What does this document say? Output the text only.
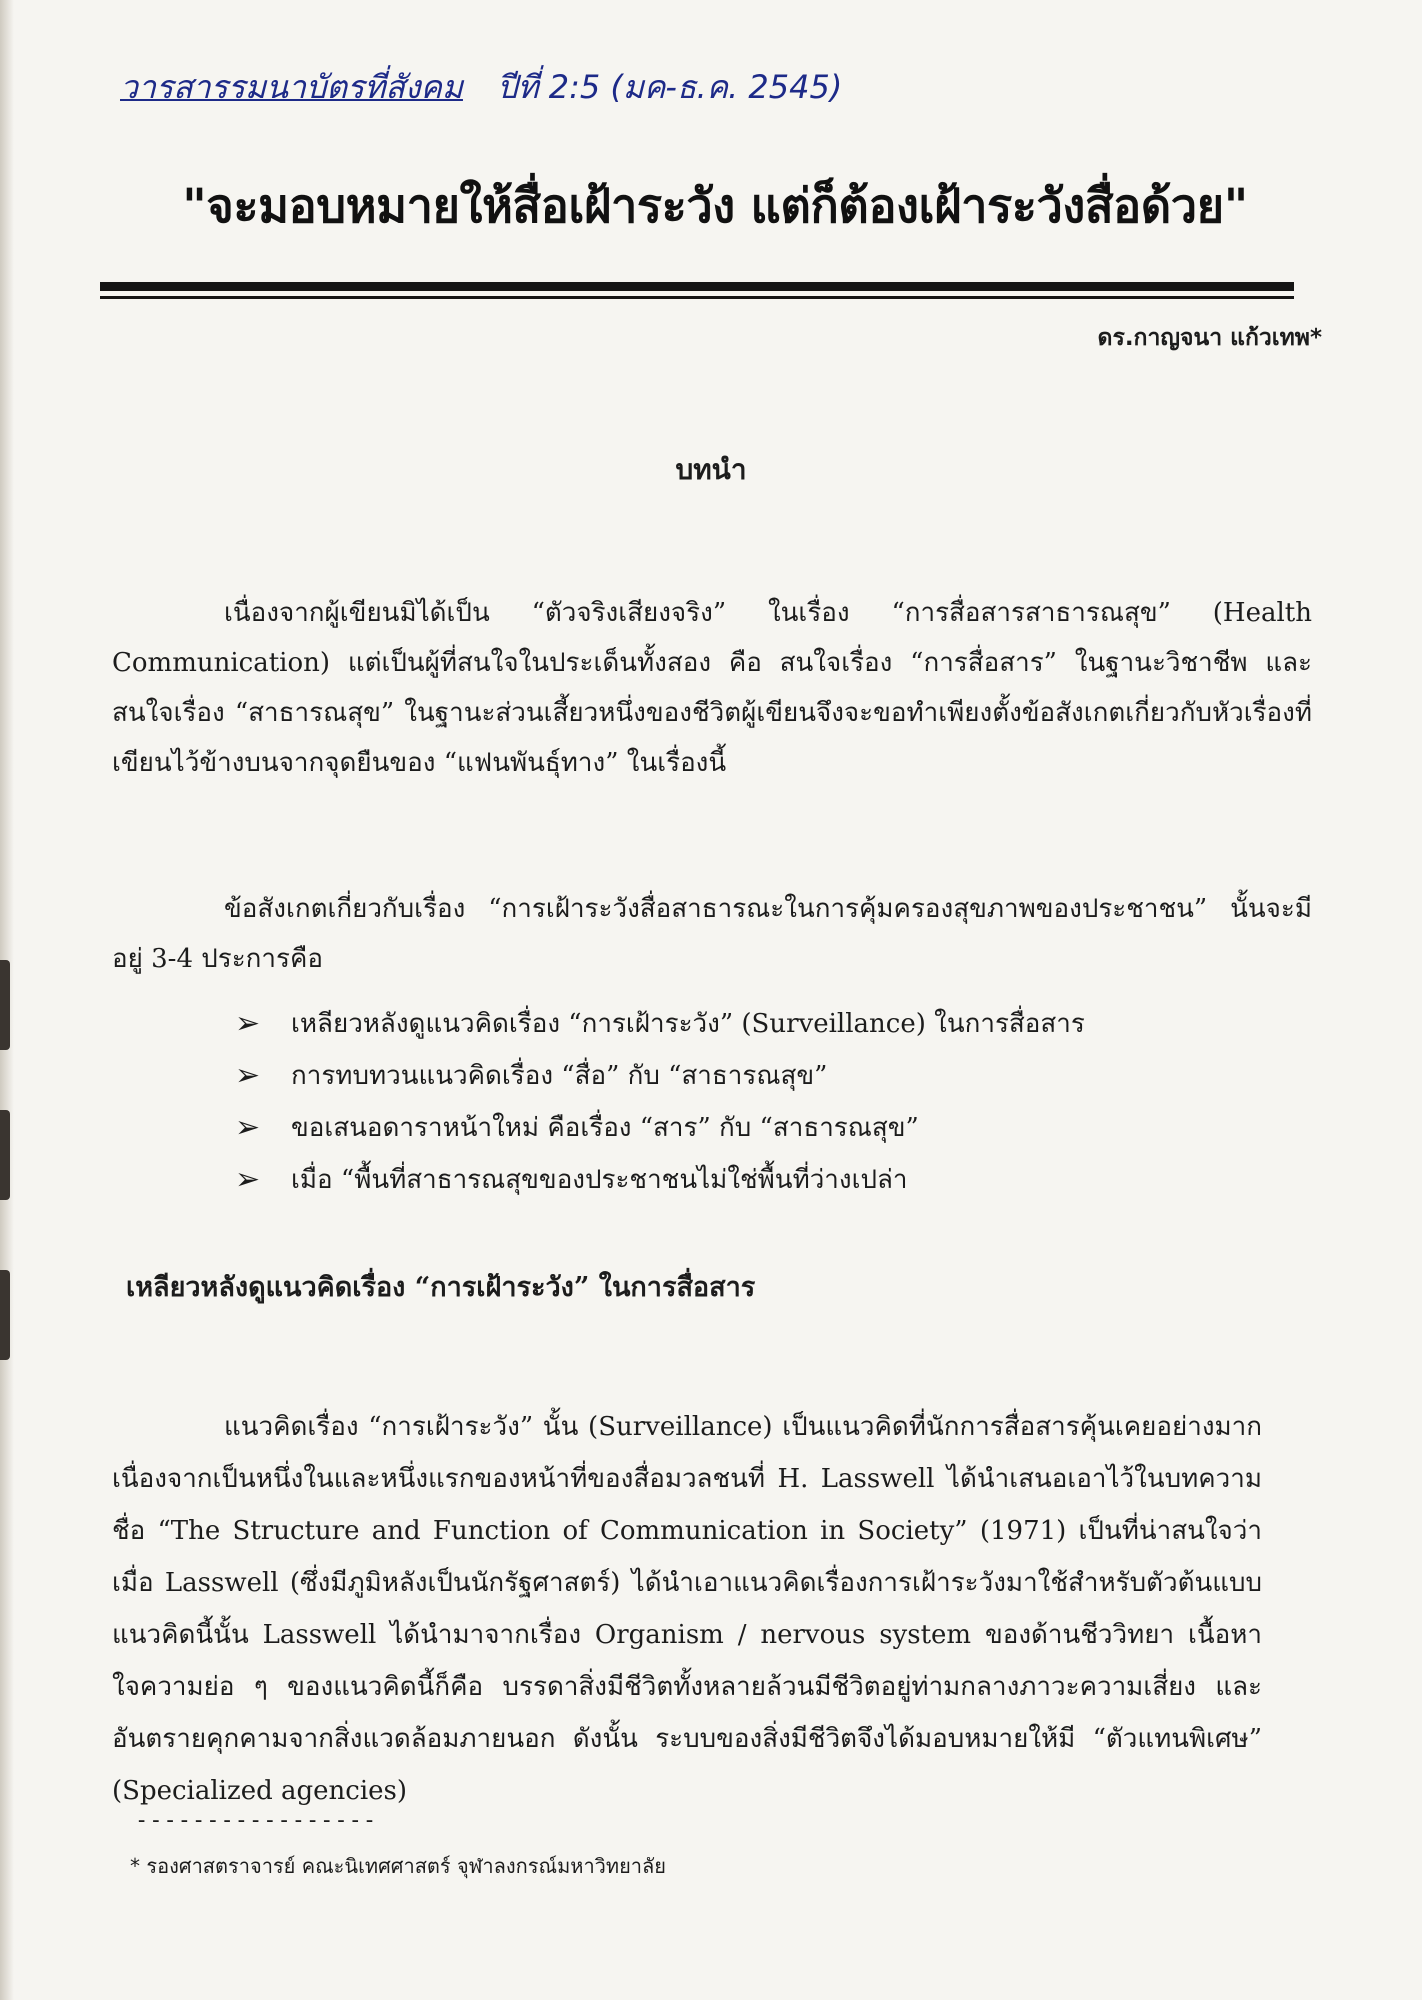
วารสารรมนาบัตรที่สังคม ปีที่ 2:5 (มค-ธ.ค. 2545)
"จะมอบหมายให้สื่อเฝ้าระวัง แต่ก็ต้องเฝ้าระวังสื่อด้วย"
ดร.กาญจนา แก้วเทพ*
บทนำ

เนื่องจากผู้เขียนมิได้เป็น “ตัวจริงเสียงจริง” ในเรื่อง “การสื่อสารสาธารณสุข” (Health Communication) แต่เป็นผู้ที่สนใจในประเด็นทั้งสอง คือ สนใจเรื่อง “การสื่อสาร” ในฐานะวิชาชีพ และสนใจเรื่อง “สาธารณสุข” ในฐานะส่วนเสี้ยวหนึ่งของชีวิตผู้เขียนจึงจะขอทำเพียงตั้งข้อสังเกตเกี่ยวกับหัวเรื่องที่เขียนไว้ข้างบนจากจุดยืนของ “แฟนพันธุ์ทาง” ในเรื่องนี้

ข้อสังเกตเกี่ยวกับเรื่อง “การเฝ้าระวังสื่อสาธารณะในการคุ้มครองสุขภาพของประชาชน” นั้นจะมีอยู่ 3-4 ประการคือ

➢	เหลียวหลังดูแนวคิดเรื่อง “การเฝ้าระวัง” (Surveillance) ในการสื่อสาร
➢	การทบทวนแนวคิดเรื่อง “สื่อ” กับ “สาธารณสุข”
➢	ขอเสนอดาราหน้าใหม่ คือเรื่อง “สาร” กับ “สาธารณสุข”
➢	เมื่อ “พื้นที่สาธารณสุขของประชาชนไม่ใช่พื้นที่ว่างเปล่า
เหลียวหลังดูแนวคิดเรื่อง “การเฝ้าระวัง” ในการสื่อสาร

แนวคิดเรื่อง “การเฝ้าระวัง” นั้น (Surveillance) เป็นแนวคิดที่นักการสื่อสารคุ้นเคยอย่างมาก เนื่องจากเป็นหนึ่งในและหนึ่งแรกของหน้าที่ของสื่อมวลชนที่ H. Lasswell ได้นำเสนอเอาไว้ในบทความชื่อ “The Structure and Function of Communication in Society” (1971) เป็นที่น่าสนใจว่าเมื่อ Lasswell (ซึ่งมีภูมิหลังเป็นนักรัฐศาสตร์) ได้นำเอาแนวคิดเรื่องการเฝ้าระวังมาใช้สำหรับตัวต้นแบบแนวคิดนี้นั้น Lasswell ได้นำมาจากเรื่อง Organism / nervous system ของด้านชีววิทยา เนื้อหาใจความย่อ ๆ ของแนวคิดนี้ก็คือ บรรดาสิ่งมีชีวิตทั้งหลายล้วนมีชีวิตอยู่ท่ามกลางภาวะความเสี่ยง และอันตรายคุกคามจากสิ่งแวดล้อมภายนอก ดังนั้น ระบบของสิ่งมีชีวิตจึงได้มอบหมายให้มี “ตัวแทนพิเศษ” (Specialized agencies)

-----------------
* รองศาสตราจารย์ คณะนิเทศศาสตร์ จุฬาลงกรณ์มหาวิทยาลัย
